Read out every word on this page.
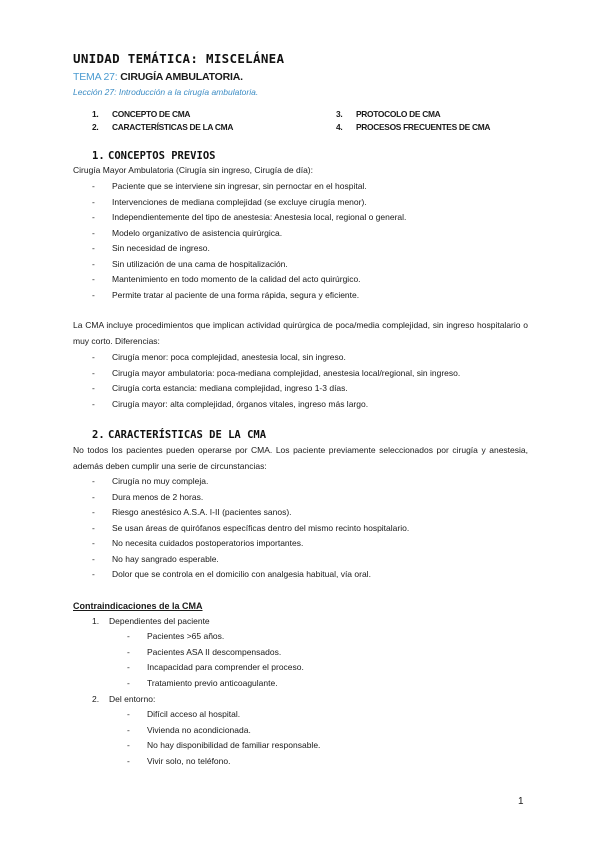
UNIDAD TEMÁTICA: MISCELÁNEA
TEMA 27: CIRUGÍA AMBULATORIA.
Lección 27: Introducción a la cirugía ambulatoria.
1. CONCEPTO DE CMA
2. CARACTERÍSTICAS DE LA CMA
3. PROTOCOLO DE CMA
4. PROCESOS FRECUENTES DE CMA
1. CONCEPTOS PREVIOS
Cirugía Mayor Ambulatoria (Cirugía sin ingreso, Cirugía de día):
- Paciente que se interviene sin ingresar, sin pernoctar en el hospital.
- Intervenciones de mediana complejidad (se excluye cirugía menor).
- Independientemente del tipo de anestesia: Anestesia local, regional o general.
- Modelo organizativo de asistencia quirúrgica.
- Sin necesidad de ingreso.
- Sin utilización de una cama de hospitalización.
- Mantenimiento en todo momento de la calidad del acto quirúrgico.
- Permite tratar al paciente de una forma rápida, segura y eficiente.
La CMA incluye procedimientos que implican actividad quirúrgica de poca/media complejidad, sin ingreso hospitalario o muy corto. Diferencias:
- Cirugía menor: poca complejidad, anestesia local, sin ingreso.
- Cirugía mayor ambulatoria: poca-mediana complejidad, anestesia local/regional, sin ingreso.
- Cirugía corta estancia: mediana complejidad, ingreso 1-3 días.
- Cirugía mayor: alta complejidad, órganos vitales, ingreso más largo.
2. CARACTERÍSTICAS DE LA CMA
No todos los pacientes pueden operarse por CMA. Los paciente previamente seleccionados por cirugía y anestesia, además deben cumplir una serie de circunstancias:
- Cirugía no muy compleja.
- Dura menos de 2 horas.
- Riesgo anestésico A.S.A. I-II (pacientes sanos).
- Se usan áreas de quirófanos específicas dentro del mismo recinto hospitalario.
- No necesita cuidados postoperatorios importantes.
- No hay sangrado esperable.
- Dolor que se controla en el domicilio con analgesia habitual, vía oral.
Contraindicaciones de la CMA
1. Dependientes del paciente
- Pacientes >65 años.
- Pacientes ASA II descompensados.
- Incapacidad para comprender el proceso.
- Tratamiento previo anticoagulante.
2. Del entorno:
- Difícil acceso al hospital.
- Vivienda no acondicionada.
- No hay disponibilidad de familiar responsable.
- Vivir solo, no teléfono.
1
